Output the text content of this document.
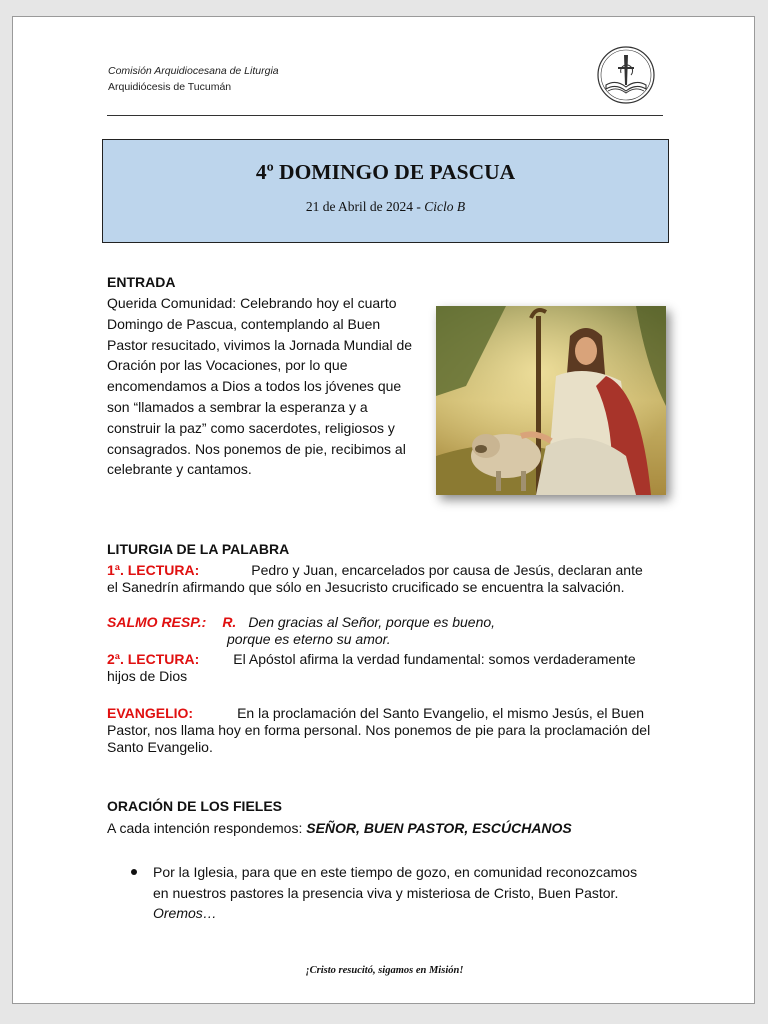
Comisión Arquidiocesana de Liturgia
Arquidiócesis de Tucumán
4º DOMINGO DE PASCUA
21 de Abril de 2024 - Ciclo B
ENTRADA
Querida Comunidad: Celebrando hoy el cuarto Domingo de Pascua, contemplando al Buen Pastor resucitado, vivimos la Jornada Mundial de Oración por las Vocaciones, por lo que encomendamos a Dios a todos los jóvenes que son “llamados a sembrar la esperanza y a construir la paz” como sacerdotes, religiosos y consagrados. Nos ponemos de pie, recibimos al celebrante y cantamos.
LITURGIA DE LA PALABRA
1ª. LECTURA:	Pedro y Juan, encarcelados por causa de Jesús, declaran ante el Sanedrín afirmando que sólo en Jesucristo crucificado se encuentra la salvación.
SALMO RESP.: R. Den gracias al Señor, porque es bueno,
porque es eterno su amor.
2ª. LECTURA: El Apóstol afirma la verdad fundamental: somos verdaderamente hijos de Dios
EVANGELIO:	En la proclamación del Santo Evangelio, el mismo Jesús, el Buen Pastor, nos llama hoy en forma personal. Nos ponemos de pie para la proclamación del Santo Evangelio.
ORACIÓN DE LOS FIELES
A cada intención respondemos: SEÑOR, BUEN PASTOR, ESCÚCHANOS
Por la Iglesia, para que en este tiempo de gozo, en comunidad reconozcamos en nuestros pastores la presencia viva y misteriosa de Cristo, Buen Pastor. Oremos…
¡Cristo resucitó, sigamos en Misión!
